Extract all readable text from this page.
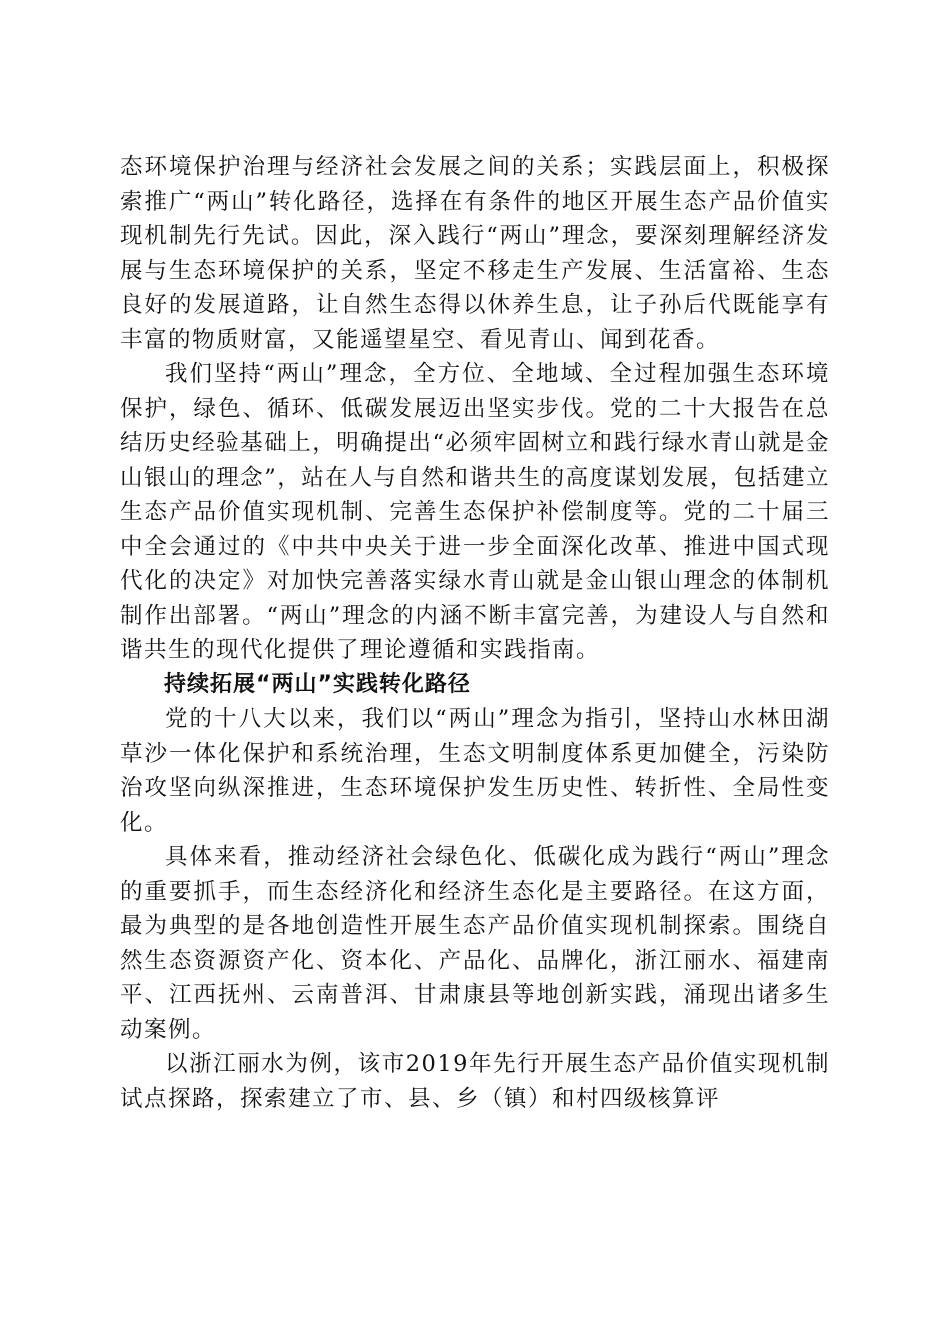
态环境保护治理与经济社会发展之间的关系；实践层面上，积极探索推广“两山”转化路径，选择在有条件的地区开展生态产品价值实现机制先行先试。因此，深入践行“两山”理念，要深刻理解经济发展与生态环境保护的关系，坚定不移走生产发展、生活富裕、生态良好的发展道路，让自然生态得以休养生息，让子孙后代既能享有丰富的物质财富，又能遥望星空、看见青山、闻到花香。

我们坚持“两山”理念，全方位、全地域、全过程加强生态环境保护，绿色、循环、低碳发展迈出坚实步伐。党的二十大报告在总结历史经验基础上，明确提出“必须牢固树立和践行绿水青山就是金山银山的理念”，站在人与自然和谐共生的高度谋划发展，包括建立生态产品价值实现机制、完善生态保护补偿制度等。党的二十届三中全会通过的《中共中央关于进一步全面深化改革、推进中国式现代化的决定》对加快完善落实绿水青山就是金山银山理念的体制机制作出部署。“两山”理念的内涵不断丰富完善，为建设人与自然和谐共生的现代化提供了理论遵循和实践指南。

持续拓展“两山”实践转化路径

党的十八大以来，我们以“两山”理念为指引，坚持山水林田湖草沙一体化保护和系统治理，生态文明制度体系更加健全，污染防治攻坚向纵深推进，生态环境保护发生历史性、转折性、全局性变化。

具体来看，推动经济社会绿色化、低碳化成为践行“两山”理念的重要抓手，而生态经济化和经济生态化是主要路径。在这方面，最为典型的是各地创造性开展生态产品价值实现机制探索。围绕自然生态资源资产化、资本化、产品化、品牌化，浙江丽水、福建南平、江西抚州、云南普洱、甘肃康县等地创新实践，涌现出诸多生动案例。

以浙江丽水为例，该市2019年先行开展生态产品价值实现机制试点探路，探索建立了市、县、乡（镇）和村四级核算评
